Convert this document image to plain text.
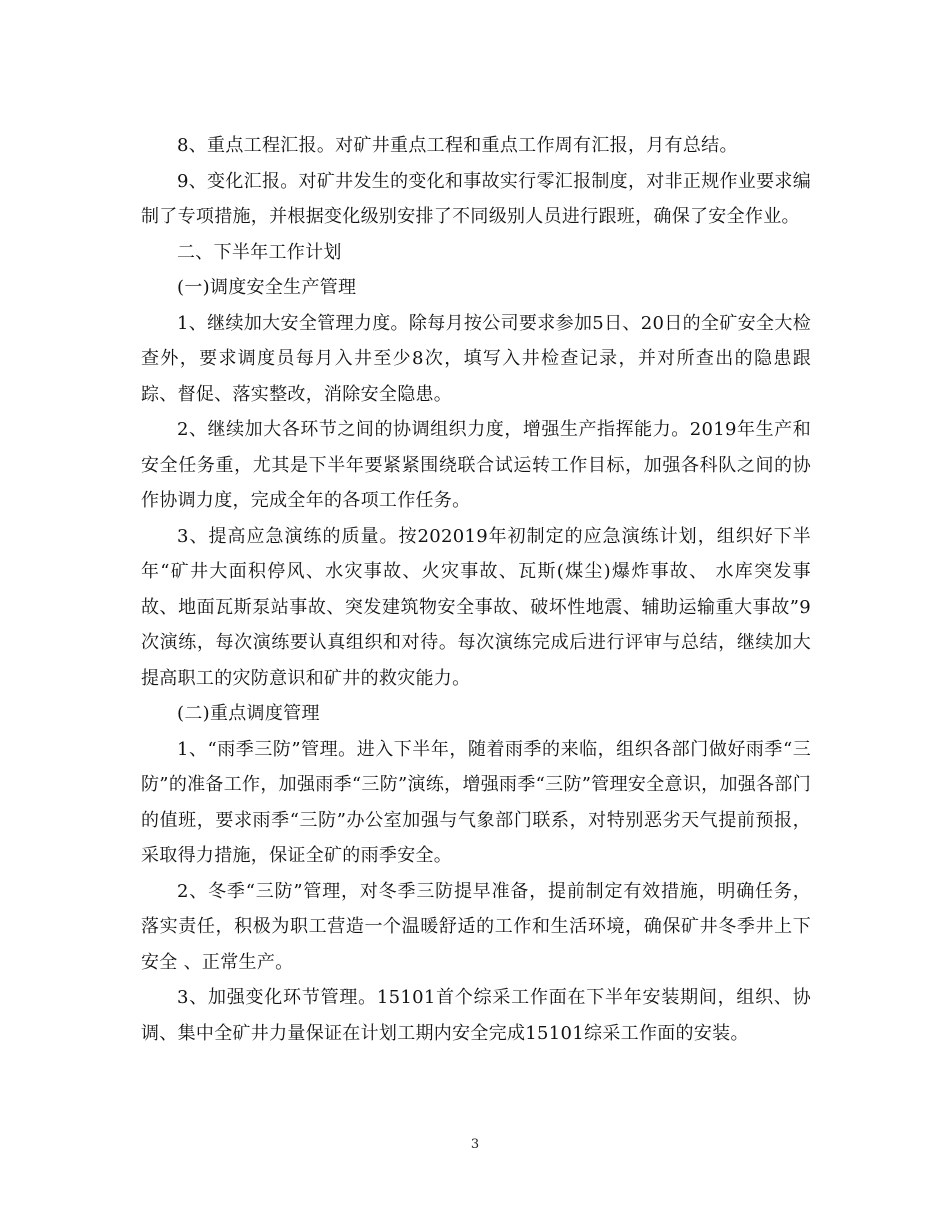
8、重点工程汇报。对矿井重点工程和重点工作周有汇报，月有总结。

9、变化汇报。对矿井发生的变化和事故实行零汇报制度，对非正规作业要求编制了专项措施，并根据变化级别安排了不同级别人员进行跟班，确保了安全作业。

二、下半年工作计划

(一)调度安全生产管理

1、继续加大安全管理力度。除每月按公司要求参加5日、20日的全矿安全大检查外，要求调度员每月入井至少8次，填写入井检查记录，并对所查出的隐患跟踪、督促、落实整改，消除安全隐患。

2、继续加大各环节之间的协调组织力度，增强生产指挥能力。2019年生产和安全任务重，尤其是下半年要紧紧围绕联合试运转工作目标，加强各科队之间的协作协调力度，完成全年的各项工作任务。

3、提高应急演练的质量。按202019年初制定的应急演练计划，组织好下半年“矿井大面积停风、水灾事故、火灾事故、瓦斯(煤尘)爆炸事故、 水库突发事故、地面瓦斯泵站事故、突发建筑物安全事故、破坏性地震、辅助运输重大事故”9次演练，每次演练要认真组织和对待。每次演练完成后进行评审与总结，继续加大提高职工的灾防意识和矿井的救灾能力。

(二)重点调度管理

1、“雨季三防”管理。进入下半年，随着雨季的来临，组织各部门做好雨季“三防”的准备工作，加强雨季“三防”演练，增强雨季“三防”管理安全意识，加强各部门的值班，要求雨季“三防”办公室加强与气象部门联系，对特别恶劣天气提前预报，采取得力措施，保证全矿的雨季安全。

2、冬季“三防”管理，对冬季三防提早准备，提前制定有效措施，明确任务，落实责任，积极为职工营造一个温暖舒适的工作和生活环境，确保矿井冬季井上下安全 、正常生产。

3、加强变化环节管理。15101首个综采工作面在下半年安装期间，组织、协调、集中全矿井力量保证在计划工期内安全完成15101综采工作面的安装。

3
